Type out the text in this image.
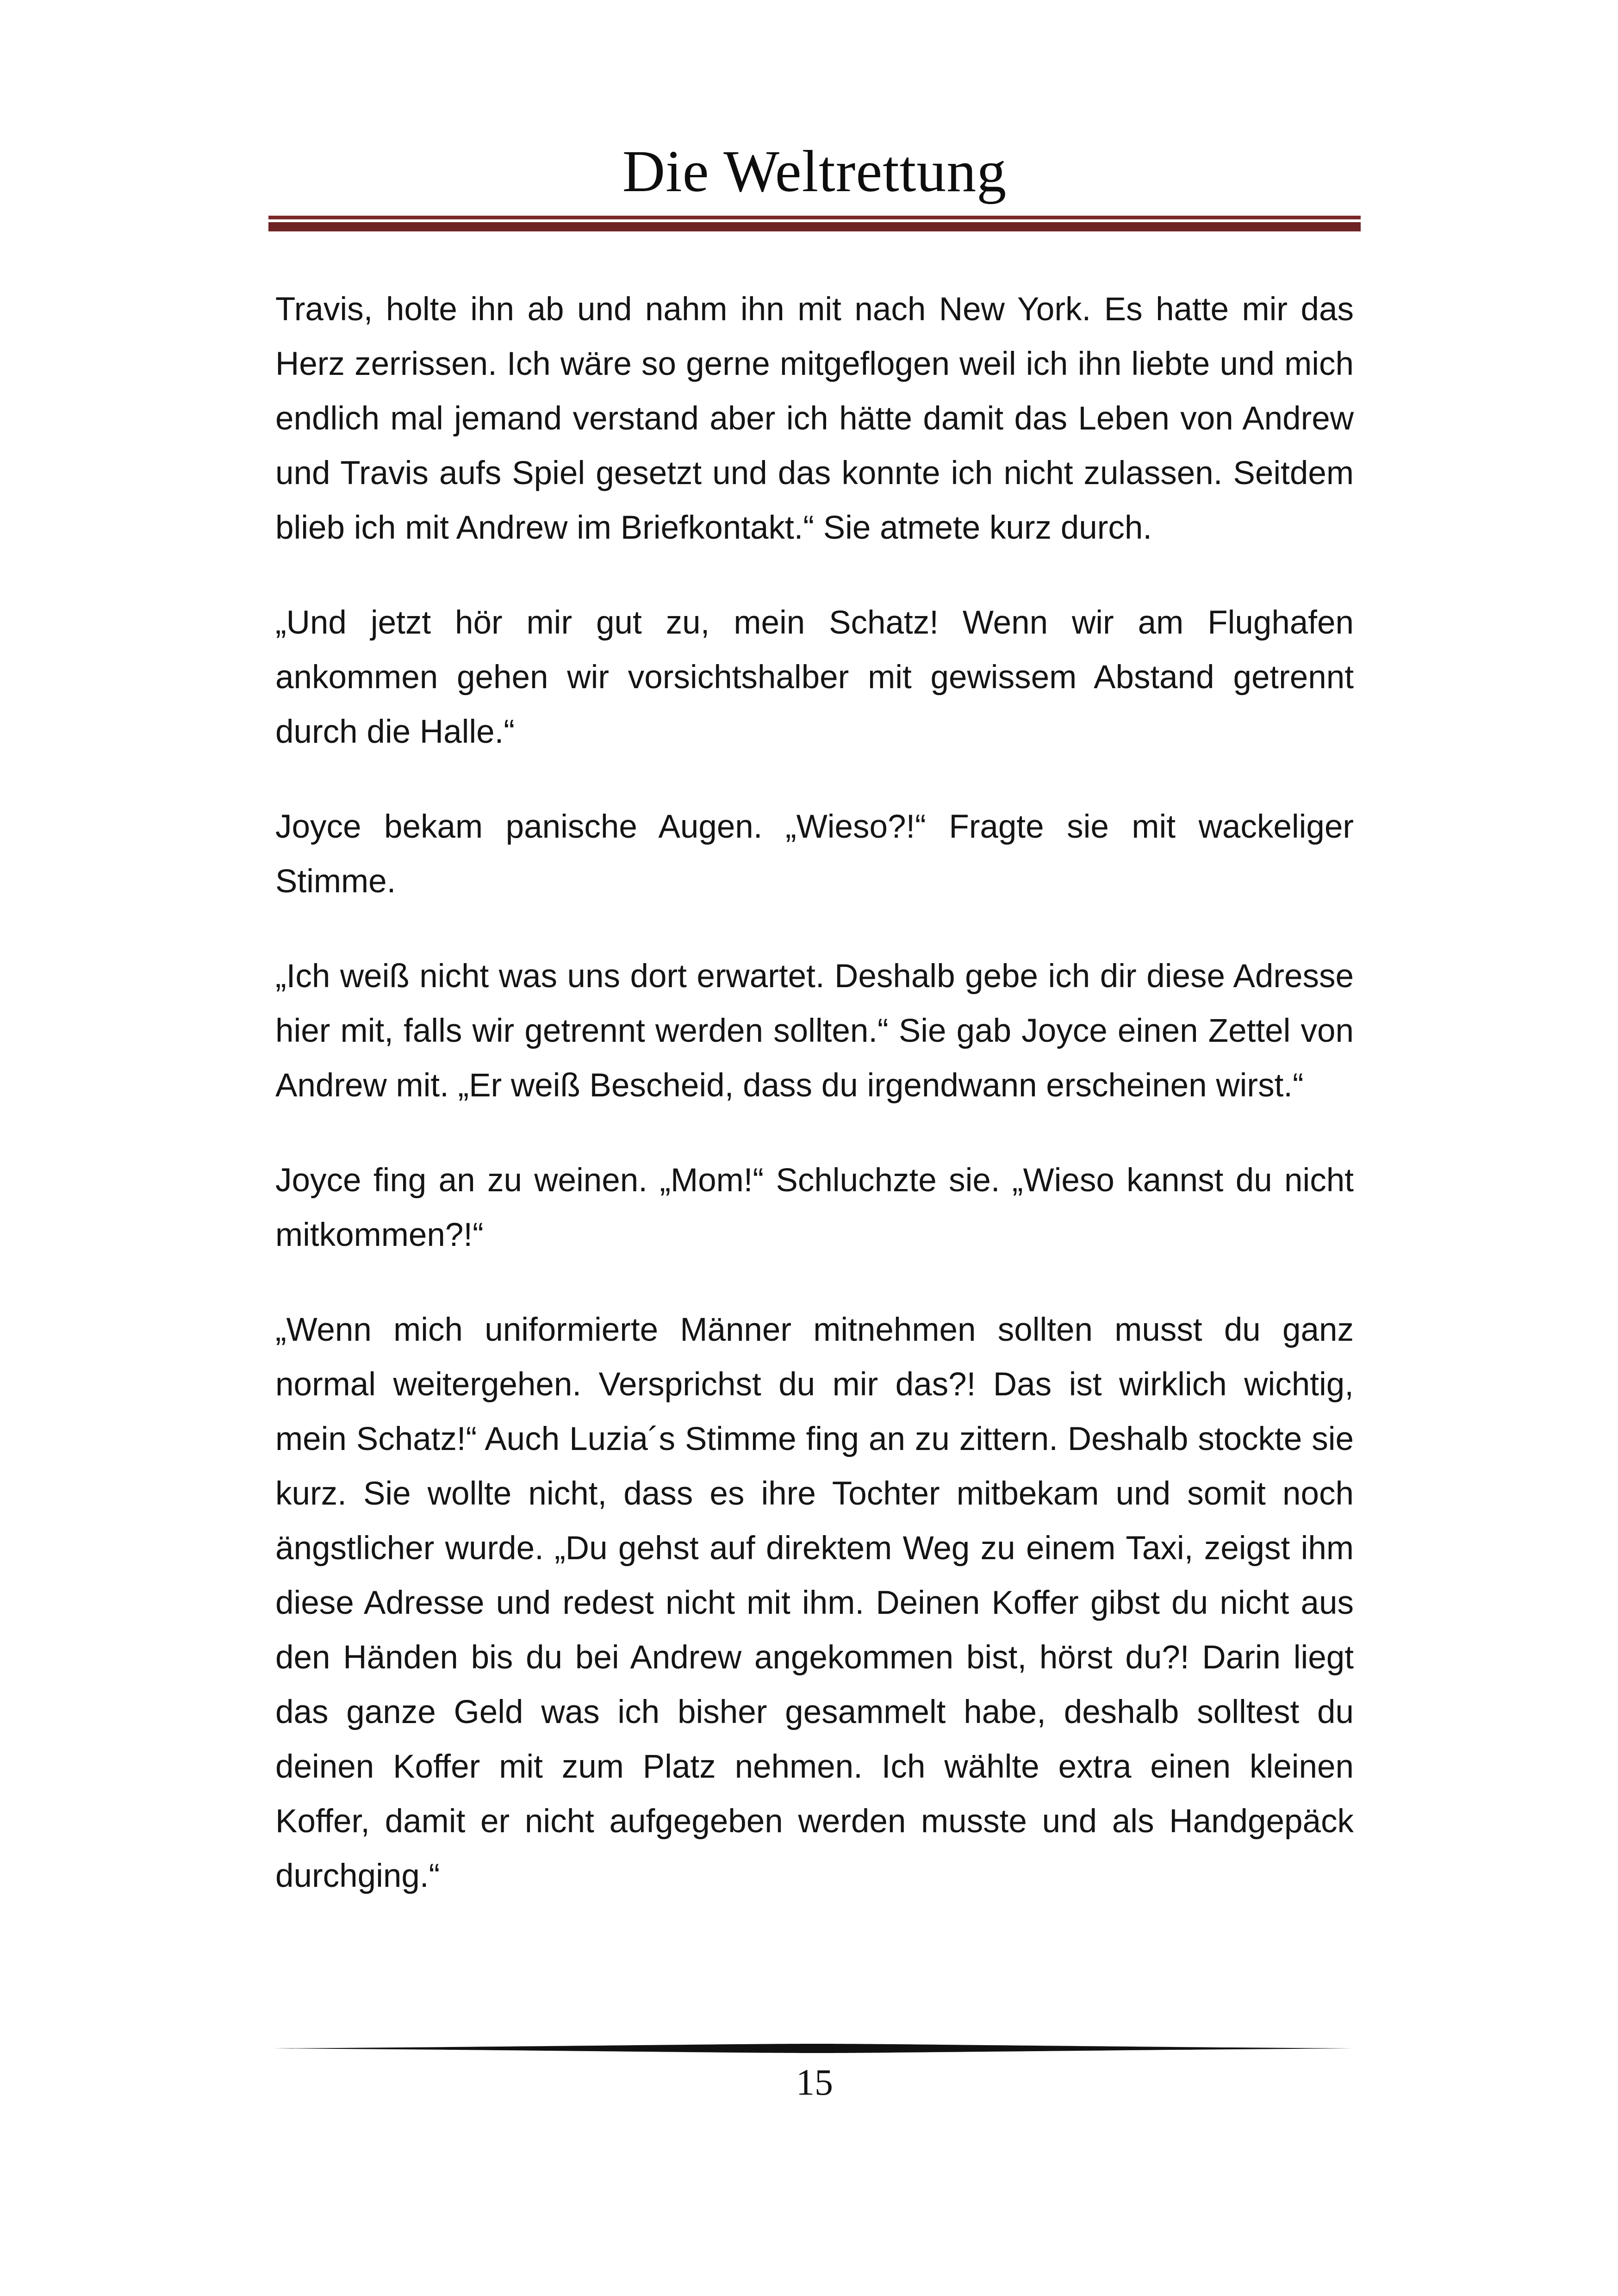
Die Weltrettung

Travis, holte ihn ab und nahm ihn mit nach New York. Es hatte mir das Herz zerrissen. Ich wäre so gerne mitgeflogen weil ich ihn liebte und mich endlich mal jemand verstand aber ich hätte damit das Leben von Andrew und Travis aufs Spiel gesetzt und das konnte ich nicht zulassen. Seitdem blieb ich mit Andrew im Briefkontakt.“ Sie atmete kurz durch.

„Und jetzt hör mir gut zu, mein Schatz! Wenn wir am Flughafen ankommen gehen wir vorsichtshalber mit gewissem Abstand getrennt durch die Halle.“

Joyce bekam panische Augen. „Wieso?!“ Fragte sie mit wackeliger Stimme.

„Ich weiß nicht was uns dort erwartet. Deshalb gebe ich dir diese Adresse hier mit, falls wir getrennt werden sollten.“ Sie gab Joyce einen Zettel von Andrew mit. „Er weiß Bescheid, dass du irgendwann erscheinen wirst.“

Joyce fing an zu weinen. „Mom!“ Schluchzte sie. „Wieso kannst du nicht mitkommen?!“

„Wenn mich uniformierte Männer mitnehmen sollten musst du ganz normal weitergehen. Versprichst du mir das?! Das ist wirklich wichtig, mein Schatz!“ Auch Luzia´s Stimme fing an zu zittern. Deshalb stockte sie kurz. Sie wollte nicht, dass es ihre Tochter mitbekam und somit noch ängstlicher wurde. „Du gehst auf direktem Weg zu einem Taxi, zeigst ihm diese Adresse und redest nicht mit ihm. Deinen Koffer gibst du nicht aus den Händen bis du bei Andrew angekommen bist, hörst du?! Darin liegt das ganze Geld was ich bisher gesammelt habe, deshalb solltest du deinen Koffer mit zum Platz nehmen. Ich wählte extra einen kleinen Koffer, damit er nicht aufgegeben werden musste und als Handgepäck durchging.“

15
